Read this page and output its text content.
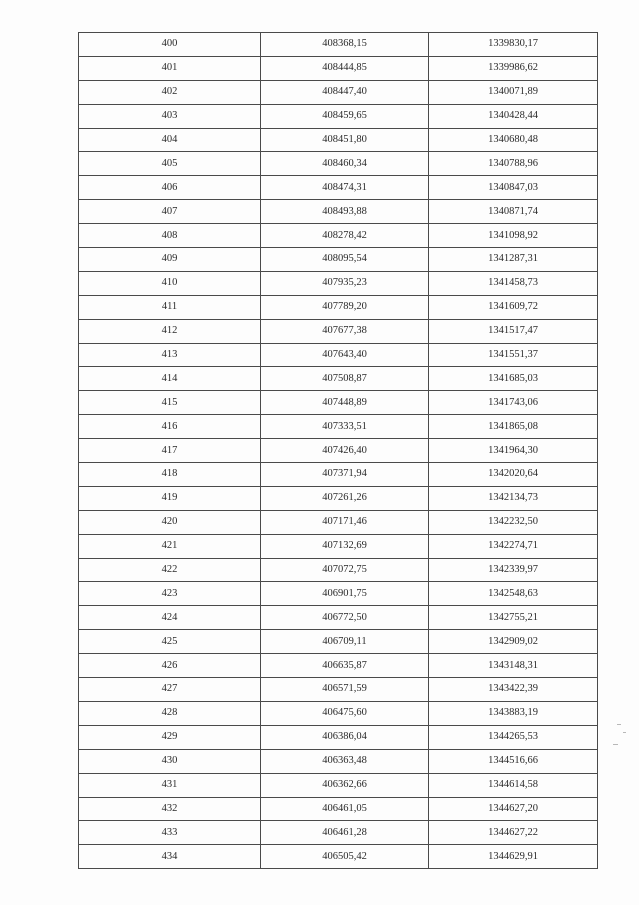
400	408368,15	1339830,17
401	408444,85	1339986,62
402	408447,40	1340071,89
403	408459,65	1340428,44
404	408451,80	1340680,48
405	408460,34	1340788,96
406	408474,31	1340847,03
407	408493,88	1340871,74
408	408278,42	1341098,92
409	408095,54	1341287,31
410	407935,23	1341458,73
411	407789,20	1341609,72
412	407677,38	1341517,47
413	407643,40	1341551,37
414	407508,87	1341685,03
415	407448,89	1341743,06
416	407333,51	1341865,08
417	407426,40	1341964,30
418	407371,94	1342020,64
419	407261,26	1342134,73
420	407171,46	1342232,50
421	407132,69	1342274,71
422	407072,75	1342339,97
423	406901,75	1342548,63
424	406772,50	1342755,21
425	406709,11	1342909,02
426	406635,87	1343148,31
427	406571,59	1343422,39
428	406475,60	1343883,19
429	406386,04	1344265,53
430	406363,48	1344516,66
431	406362,66	1344614,58
432	406461,05	1344627,20
433	406461,28	1344627,22
434	406505,42	1344629,91
